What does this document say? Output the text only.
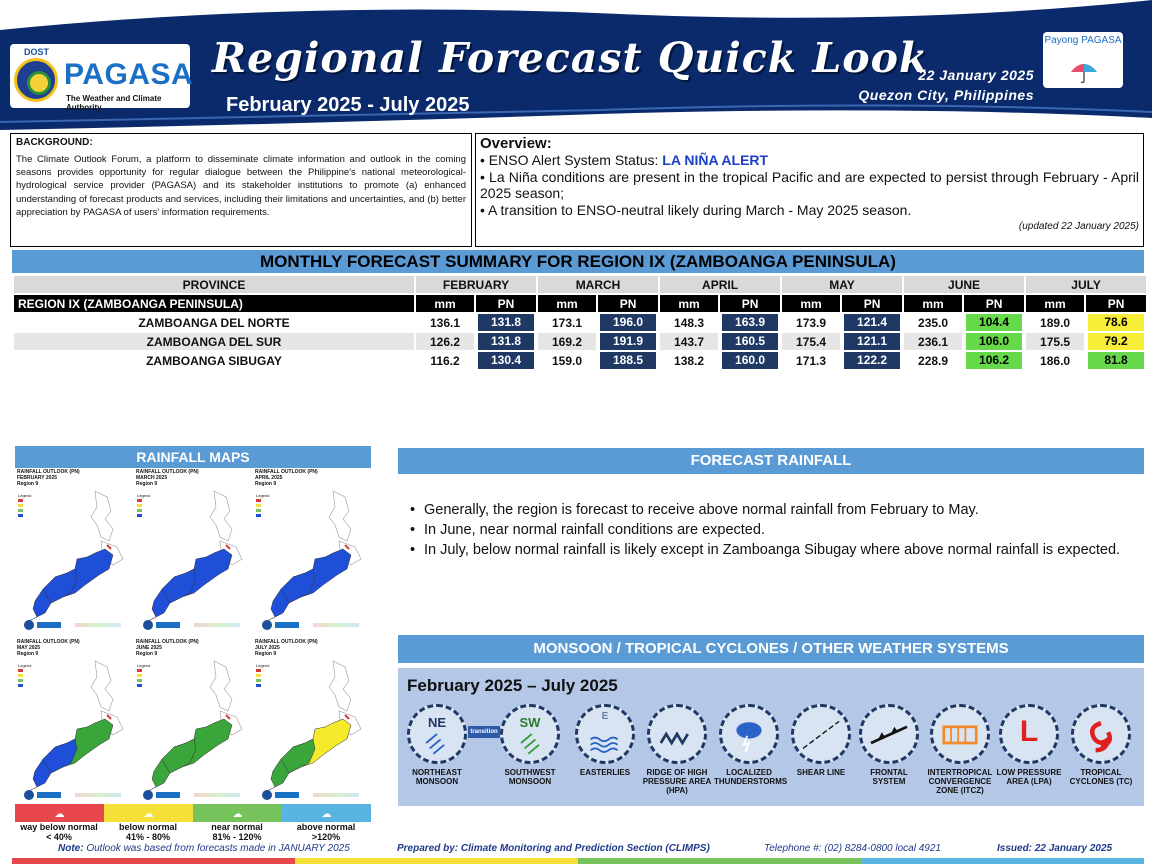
DOST
PAGASA
The Weather and Climate Authority
Regional Forecast Quick Look
February 2025 - July 2025
22 January 2025
Quezon City, Philippines
Payong PAGASA
BACKGROUND:
The Climate Outlook Forum, a platform to disseminate climate information and outlook in the coming seasons provides opportunity for regular dialogue between the Philippine's national meteorological-hydrological service provider (PAGASA) and its stakeholder institutions to promote (a) enhanced understanding of forecast products and services, including their limitations and uncertainties, and (b) better appreciation by PAGASA of users' information requirements.
Overview:
• ENSO Alert System Status: LA NIÑA ALERT
• La Niña conditions are present in the tropical Pacific and are expected to persist through February - April 2025 season;
• A transition to ENSO-neutral likely during March - May 2025 season.
(updated 22 January 2025)
MONTHLY FORECAST SUMMARY FOR REGION IX (ZAMBOANGA PENINSULA)
PROVINCE	FEBRUARY		MARCH		APRIL		MAY		JUNE		JULY	
REGION IX (ZAMBOANGA PENINSULA)	mm	PN	mm	PN	mm	PN	mm	PN	mm	PN	mm	PN
ZAMBOANGA DEL NORTE	136.1	131.8	173.1	196.0	148.3	163.9	173.9	121.4	235.0	104.4	189.0	78.6
ZAMBOANGA DEL SUR	126.2	131.8	169.2	191.9	143.7	160.5	175.4	121.1	236.1	106.0	175.5	79.2
ZAMBOANGA SIBUGAY	116.2	130.4	159.0	188.5	138.2	160.0	171.3	122.2	228.9	106.2	186.0	81.8
RAINFALL MAPS
RAINFALL OUTLOOK (PN)
FEBRUARY 2025
Region 9
Legend
RAINFALL OUTLOOK (PN)
MARCH 2025
Region 9
Legend
RAINFALL OUTLOOK (PN)
APRIL 2025
Region 9
Legend
RAINFALL OUTLOOK (PN)
MAY 2025
Region 9
Legend
RAINFALL OUTLOOK (PN)
JUNE 2025
Region 9
Legend
RAINFALL OUTLOOK (PN)
JULY 2025
Region 9
Legend
☁	☁	☁	☁
way below normal
< 40%
below normal
41% - 80%
near normal
81% - 120%
above normal
>120%
FORECAST RAINFALL
• Generally, the region is forecast to receive above normal rainfall from February to May.
• In June, near normal rainfall conditions are expected.
• In July, below normal rainfall is likely except in Zamboanga Sibugay where above normal rainfall is expected.
MONSOON / TROPICAL CYCLONES / OTHER WEATHER SYSTEMS
February 2025 – July 2025
NE
NORTHEAST MONSOON
SW
SOUTHWEST MONSOON
E
EASTERLIES	RIDGE OF HIGH PRESSURE AREA (HPA)
LOCALIZED THUNDERSTORMS
SHEAR LINE	FRONTAL SYSTEM
INTERTROPICAL CONVERGENCE ZONE (ITCZ)
L
LOW PRESSURE AREA (LPA)
TROPICAL CYCLONES (TC)
transition
Note: Outlook was based from forecasts made in JANUARY 2025	Prepared by: Climate Monitoring and Prediction Section (CLIMPS)	Telephone #: (02) 8284-0800 local 4921	Issued: 22 January 2025
